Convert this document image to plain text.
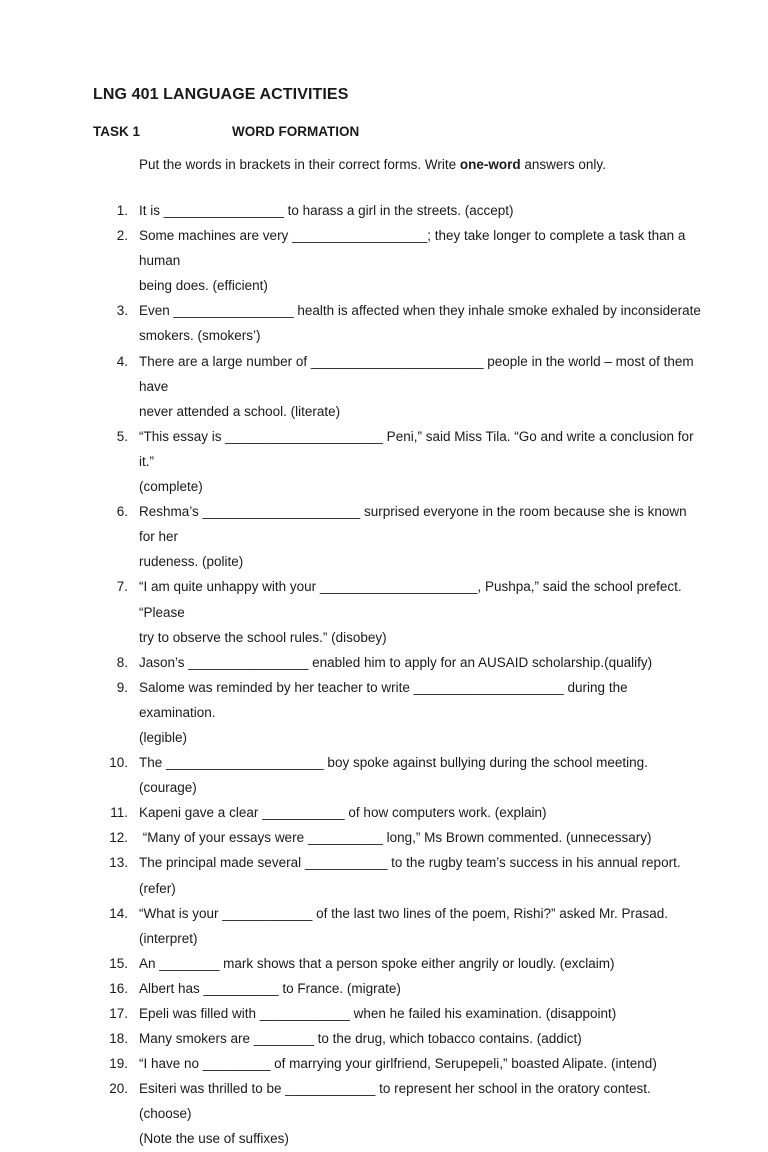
LNG 401 LANGUAGE ACTIVITIES
TASK 1	WORD FORMATION

Put the words in brackets in their correct forms. Write one-word answers only.

1. It is ________________ to harass a girl in the streets. (accept)
2. Some machines are very __________________; they take longer to complete a task than a human
being does. (efficient)
3. Even ________________ health is affected when they inhale smoke exhaled by inconsiderate
smokers. (smokers’)
4. There are a large number of _______________________ people in the world – most of them have
never attended a school. (literate)
5. “This essay is _____________________ Peni,” said Miss Tila. “Go and write a conclusion for it.”
(complete)
6. Reshma’s _____________________ surprised everyone in the room because she is known for her
rudeness. (polite)
7. “I am quite unhappy with your _____________________, Pushpa,” said the school prefect. “Please
try to observe the school rules.” (disobey)
8. Jason’s ________________ enabled him to apply for an AUSAID scholarship.(qualify)
9. Salome was reminded by her teacher to write ____________________ during the examination.
(legible)
10. The _____________________ boy spoke against bullying during the school meeting. (courage)
11. Kapeni gave a clear ___________ of how computers work. (explain)
12. “Many of your essays were __________ long,” Ms Brown commented. (unnecessary)
13. The principal made several ___________ to the rugby team’s success in his annual report. (refer)
14. “What is your ____________ of the last two lines of the poem, Rishi?” asked Mr. Prasad. (interpret)
15. An ________ mark shows that a person spoke either angrily or loudly. (exclaim)
16. Albert has __________ to France. (migrate)
17. Epeli was filled with ____________ when he failed his examination. (disappoint)
18. Many smokers are ________ to the drug, which tobacco contains. (addict)
19. “I have no _________ of marrying your girlfriend, Serupepeli,” boasted Alipate. (intend)
20. Esiteri was thrilled to be ____________ to represent her school in the oratory contest. (choose)
(Note the use of suffixes)
